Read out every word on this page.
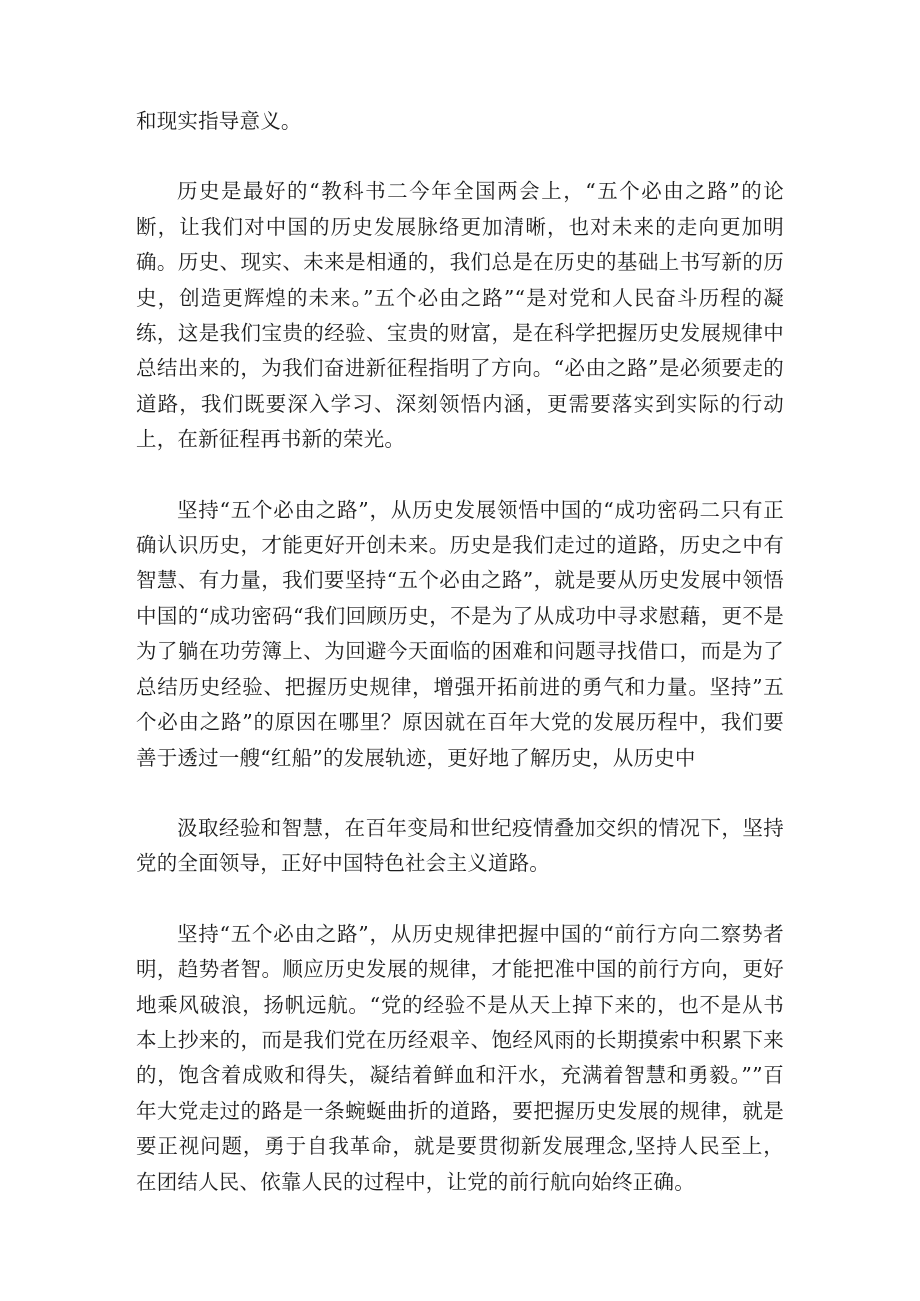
和现实指导意义。

历史是最好的“教科书二今年全国两会上，“五个必由之路”的论断，让我们对中国的历史发展脉络更加清晰，也对未来的走向更加明确。历史、现实、未来是相通的，我们总是在历史的基础上书写新的历史，创造更辉煌的未来。”五个必由之路”“是对党和人民奋斗历程的凝练，这是我们宝贵的经验、宝贵的财富，是在科学把握历史发展规律中总结出来的，为我们奋进新征程指明了方向。“必由之路”是必须要走的道路，我们既要深入学习、深刻领悟内涵，更需要落实到实际的行动上，在新征程再书新的荣光。

坚持“五个必由之路”，从历史发展领悟中国的“成功密码二只有正确认识历史，才能更好开创未来。历史是我们走过的道路，历史之中有智慧、有力量，我们要坚持“五个必由之路”，就是要从历史发展中领悟中国的“成功密码“我们回顾历史，不是为了从成功中寻求慰藉，更不是为了躺在功劳簿上、为回避今天面临的困难和问题寻找借口，而是为了总结历史经验、把握历史规律，增强开拓前进的勇气和力量。坚持”五个必由之路”的原因在哪里？原因就在百年大党的发展历程中，我们要善于透过一艘“红船”的发展轨迹，更好地了解历史，从历史中

汲取经验和智慧，在百年变局和世纪疫情叠加交织的情况下，坚持党的全面领导，正好中国特色社会主义道路。

坚持“五个必由之路”，从历史规律把握中国的“前行方向二察势者明，趋势者智。顺应历史发展的规律，才能把准中国的前行方向，更好地乘风破浪，扬帆远航。“党的经验不是从天上掉下来的，也不是从书本上抄来的，而是我们党在历经艰辛、饱经风雨的长期摸索中积累下来的，饱含着成败和得失，凝结着鲜血和汗水，充满着智慧和勇毅。””百年大党走过的路是一条蜿蜒曲折的道路，要把握历史发展的规律，就是要正视问题，勇于自我革命，就是要贯彻新发展理念,坚持人民至上，在团结人民、依靠人民的过程中，让党的前行航向始终正确。
